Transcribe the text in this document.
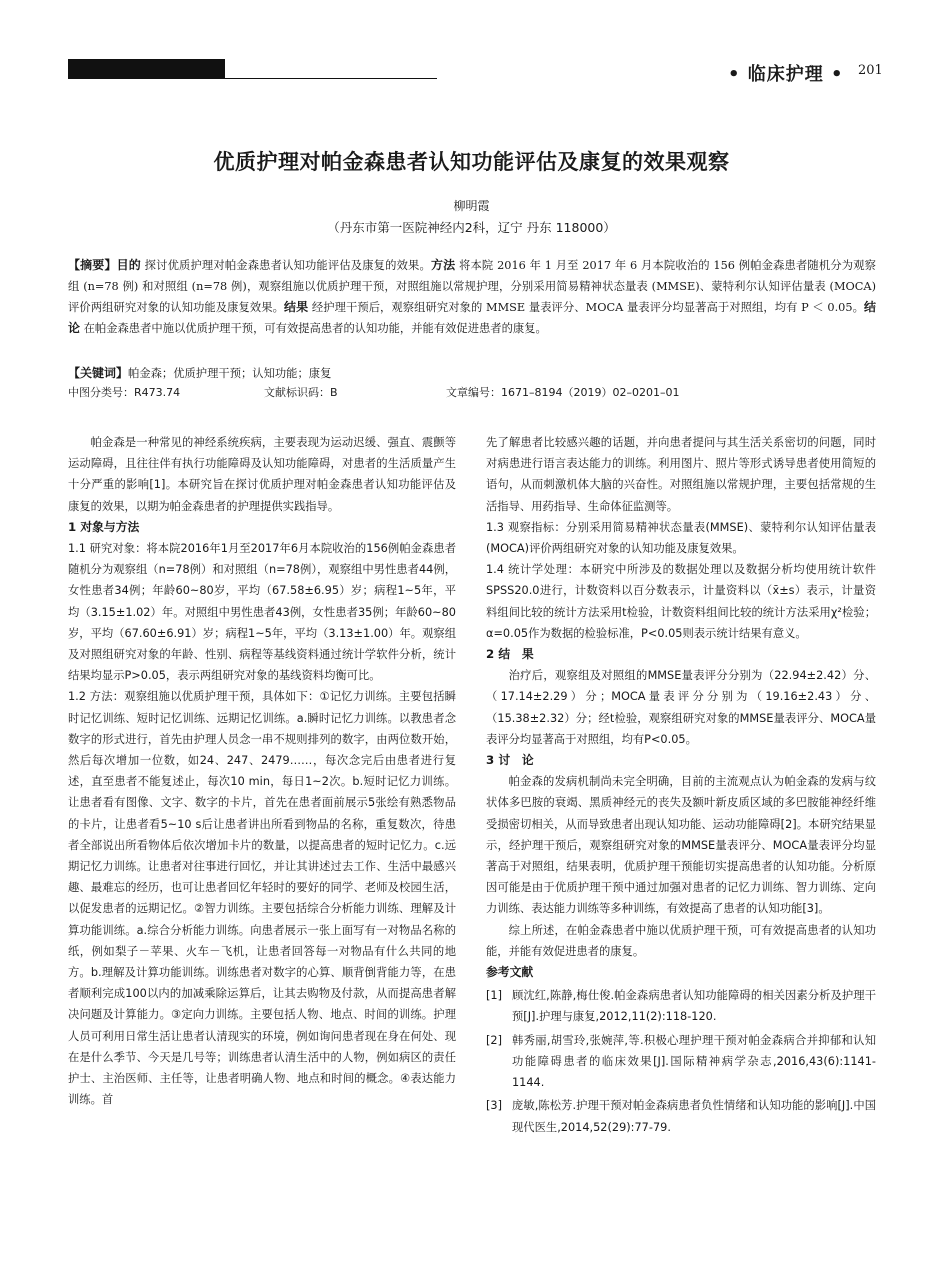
• 临床护理 • 201
优质护理对帕金森患者认知功能评估及康复的效果观察
柳明霞
（丹东市第一医院神经内2科，辽宁 丹东 118000）
【摘要】目的 探讨优质护理对帕金森患者认知功能评估及康复的效果。方法 将本院 2016 年 1 月至 2017 年 6 月本院收治的 156 例帕金森患者随机分为观察组 (n=78 例) 和对照组 (n=78 例)，观察组施以优质护理干预，对照组施以常规护理，分别采用简易精神状态量表 (MMSE)、蒙特利尔认知评估量表 (MOCA) 评价两组研究对象的认知功能及康复效果。结果 经护理干预后，观察组研究对象的 MMSE 量表评分、MOCA 量表评分均显著高于对照组，均有 P ＜ 0.05。结论 在帕金森患者中施以优质护理干预，可有效提高患者的认知功能，并能有效促进患者的康复。
【关键词】帕金森；优质护理干预；认知功能；康复
中图分类号：R473.74	文献标识码：B	文章编号：1671–8194（2019）02–0201–01

帕金森是一种常见的神经系统疾病，主要表现为运动迟缓、强直、震颤等运动障碍，且往往伴有执行功能障碍及认知功能障碍，对患者的生活质量产生十分严重的影响[1]。本研究旨在探讨优质护理对帕金森患者认知功能评估及康复的效果，以期为帕金森患者的护理提供实践指导。

1 对象与方法

1.1 研究对象：将本院2016年1月至2017年6月本院收治的156例帕金森患者随机分为观察组（n=78例）和对照组（n=78例），观察组中男性患者44例，女性患者34例；年龄60~80岁，平均（67.58±6.95）岁；病程1~5年，平均（3.15±1.02）年。对照组中男性患者43例，女性患者35例；年龄60~80岁，平均（67.60±6.91）岁；病程1~5年，平均（3.13±1.00）年。观察组及对照组研究对象的年龄、性别、病程等基线资料通过统计学软件分析，统计结果均显示P>0.05，表示两组研究对象的基线资料均衡可比。

1.2 方法：观察组施以优质护理干预，具体如下：①记忆力训练。主要包括瞬时记忆训练、短时记忆训练、远期记忆训练。a.瞬时记忆力训练。以教患者念数字的形式进行，首先由护理人员念一串不规则排列的数字，由两位数开始，然后每次增加一位数，如24、247、2479……，每次念完后由患者进行复述，直至患者不能复述止，每次10 min，每日1~2次。b.短时记忆力训练。让患者看有图像、文字、数字的卡片，首先在患者面前展示5张绘有熟悉物品的卡片，让患者看5~10 s后让患者讲出所看到物品的名称，重复数次，待患者全部说出所看物体后依次增加卡片的数量，以提高患者的短时记忆力。c.远期记忆力训练。让患者对往事进行回忆，并让其讲述过去工作、生活中最感兴趣、最难忘的经历，也可让患者回忆年轻时的要好的同学、老师及校园生活，以促发患者的远期记忆。②智力训练。主要包括综合分析能力训练、理解及计算功能训练。a.综合分析能力训练。向患者展示一张上面写有一对物品名称的纸，例如梨子－苹果、火车－飞机，让患者回答每一对物品有什么共同的地方。b.理解及计算功能训练。训练患者对数字的心算、顺背倒背能力等，在患者顺利完成100以内的加减乘除运算后，让其去购物及付款，从而提高患者解决问题及计算能力。③定向力训练。主要包括人物、地点、时间的训练。护理人员可利用日常生活让患者认清现实的环境，例如询问患者现在身在何处、现在是什么季节、今天是几号等；训练患者认清生活中的人物，例如病区的责任护士、主治医师、主任等，让患者明确人物、地点和时间的概念。④表达能力训练。首

先了解患者比较感兴趣的话题，并向患者提问与其生活关系密切的问题，同时对病患进行语言表达能力的训练。利用图片、照片等形式诱导患者使用简短的语句，从而刺激机体大脑的兴奋性。对照组施以常规护理，主要包括常规的生活指导、用药指导、生命体征监测等。

1.3 观察指标：分别采用简易精神状态量表(MMSE)、蒙特利尔认知评估量表(MOCA)评价两组研究对象的认知功能及康复效果。

1.4 统计学处理：本研究中所涉及的数据处理以及数据分析均使用统计软件SPSS20.0进行，计数资料以百分数表示，计量资料以（x̄±s）表示，计量资料组间比较的统计方法采用t检验，计数资料组间比较的统计方法采用χ²检验；α=0.05作为数据的检验标准，P<0.05则表示统计结果有意义。

2 结　果

治疗后，观察组及对照组的MMSE量表评分分别为（22.94±2.42）分、（17.14±2.29）分；MOCA量表评分分别为（19.16±2.43）分、（15.38±2.32）分；经t检验，观察组研究对象的MMSE量表评分、MOCA量表评分均显著高于对照组，均有P<0.05。

3 讨　论

帕金森的发病机制尚未完全明确，目前的主流观点认为帕金森的发病与纹状体多巴胺的衰竭、黑质神经元的丧失及额叶新皮质区域的多巴胺能神经纤维受损密切相关，从而导致患者出现认知功能、运动功能障碍[2]。本研究结果显示，经护理干预后，观察组研究对象的MMSE量表评分、MOCA量表评分均显著高于对照组，结果表明，优质护理干预能切实提高患者的认知功能。分析原因可能是由于优质护理干预中通过加强对患者的记忆力训练、智力训练、定向力训练、表达能力训练等多种训练，有效提高了患者的认知功能[3]。

综上所述，在帕金森患者中施以优质护理干预，可有效提高患者的认知功能，并能有效促进患者的康复。

参考文献

[1] 顾沈红,陈静,梅仕俊.帕金森病患者认知功能障碍的相关因素分析及护理干预[J].护理与康复,2012,11(2):118-120.
[2] 韩秀丽,胡雪玲,张婉萍,等.积极心理护理干预对帕金森病合并抑郁和认知功能障碍患者的临床效果[J].国际精神病学杂志,2016,43(6):1141-1144.
[3] 庞敏,陈松芳.护理干预对帕金森病患者负性情绪和认知功能的影响[J].中国现代医生,2014,52(29):77-79.
